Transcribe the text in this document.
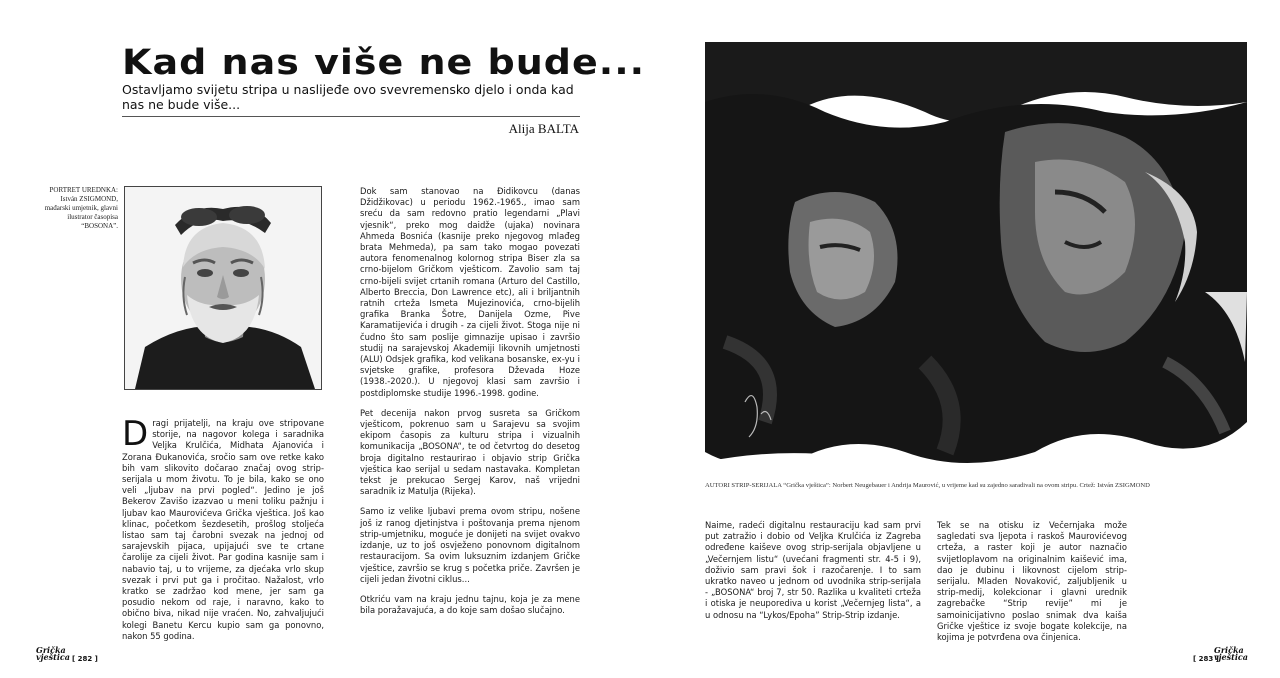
Kad nas više ne bude...
Ostavljamo svijetu stripa u naslijeđe ovo svevremensko djelo i onda kad nas ne bude više...
Alija BALTA
PORTRET UREDNKA: István ZSIGMOND, mađarski umjetnik, glavni ilustrator časopisa “BOSONA”.

Dragi prijatelji, na kraju ove stripovane storije, na nagovor kolega i saradnika Veljka Krulčića, Midhata Ajanovića i Zorana Đukanovića, sročio sam ove retke kako bih vam slikovito dočarao značaj ovog strip-serijala u mom životu. To je bila, kako se ono veli „ljubav na prvi pogled“. Jedino je još Bekerov Zavišo izazvao u meni toliku pažnju i ljubav kao Maurovićeva Grička vještica. Još kao klinac, početkom šezdesetih, prošlog stoljeća listao sam taj čarobni svezak na jednoj od sarajevskih pijaca, upijajući sve te crtane čarolije za cijeli život. Par godina kasnije sam i nabavio taj, u to vrijeme, za djećaka vrlo skup svezak i prvi put ga i pročitao. Nažalost, vrlo kratko se zadržao kod mene, jer sam ga posudio nekom od raje, i naravno, kako to obično biva, nikad nije vraćen. No, zahvaljujući kolegi Banetu Kercu kupio sam ga ponovno, nakon 55 godina.

Dok sam stanovao na Đidikovcu (danas Džidžikovac) u periodu 1962.-1965., imao sam sreću da sam redovno pratio legendarni „Plavi vjesnik“, preko mog daidže (ujaka) novinara Ahmeda Bosnića (kasnije preko njegovog mlađeg brata Mehmeda), pa sam tako mogao povezati autora fenomenalnog kolornog stripa Biser zla sa crno-bijelom Gričkom vješticom. Zavolio sam taj crno-bijeli svijet crtanih romana (Arturo del Castillo, Alberto Breccia, Don Lawrence etc), ali i briljantnih ratnih crteža Ismeta Mujezinovića, crno-bijelih grafika Branka Šotre, Danijela Ozme, Pive Karamatijevića i drugih - za cijeli život. Stoga nije ni čudno što sam poslije gimnazije upisao i završio studij na sarajevskoj Akademiji likovnih umjetnosti (ALU) Odsjek grafika, kod velikana bosanske, ex-yu i svjetske grafike, profesora Dževada Hoze (1938.-2020.). U njegovoj klasi sam završio i postdiplomske studije 1996.-1998. godine.

Pet decenija nakon prvog susreta sa Gričkom vješticom, pokrenuo sam u Sarajevu sa svojim ekipom časopis za kulturu stripa i vizualnih komunikacija „BOSONA“, te od četvrtog do desetog broja digitalno restaurirao i objavio strip Grička vještica kao serijal u sedam nastavaka. Kompletan tekst je prekucao Sergej Karov, naš vrijedni saradnik iz Matulja (Rijeka).

Samo iz velike ljubavi prema ovom stripu, nošene još iz ranog djetinjstva i poštovanja prema njenom strip-umjetniku, moguće je donijeti na svijet ovakvo izdanje, uz to još osvježeno ponovnom digitalnom restauracijom. Sa ovim luksuznim izdanjem Gričke vještice, završio se krug s početka priče. Završen je cijeli jedan životni ciklus...

Otkriću vam na kraju jednu tajnu, koja je za mene bila poražavajuća, a do koje sam došao slučajno.

Grička vještica [ 282 ]
AUTORI STRIP-SERIJALA “Grička vještica”: Norbert Neugebauer i Andrija Maurović, u vrijeme kad su zajedno saradivali na ovom stripu. Crtež: István ZSIGMOND

Naime, radeći digitalnu restauraciju kad sam prvi put zatražio i dobio od Veljka Krulčića iz Zagreba određene kaiševe ovog strip-serijala objavljene u „Večernjem listu“ (uvećani fragmenti str. 4-5 i 9), doživio sam pravi šok i razočarenje. I to sam ukratko naveo u jednom od uvodnika strip-serijala - „BOSONA“ broj 7, str 50. Razlika u kvaliteti crteža i otiska je neuporediva u korist „Večernjeg lista“, a u odnosu na “Lykos/Epoha” Strip-Strip izdanje.

Tek se na otisku iz Večernjaka može sagledati sva ljepota i raskoš Maurovićevog crteža, a raster koji je autor naznačio svijetloplavom na originalnim kaišević ima, dao je dubinu i likovnost cijelom strip-serijalu. Mladen Novaković, zaljubljenik u strip-medij, kolekcionar i glavni urednik zagrebačke “Strip revije” mi je samoinicijativno poslao snimak dva kaiša Gričke vještice iz svoje bogate kolekcije, na kojima je potvrđena ova činjenica.

[ 283 ]
Grička vještica
